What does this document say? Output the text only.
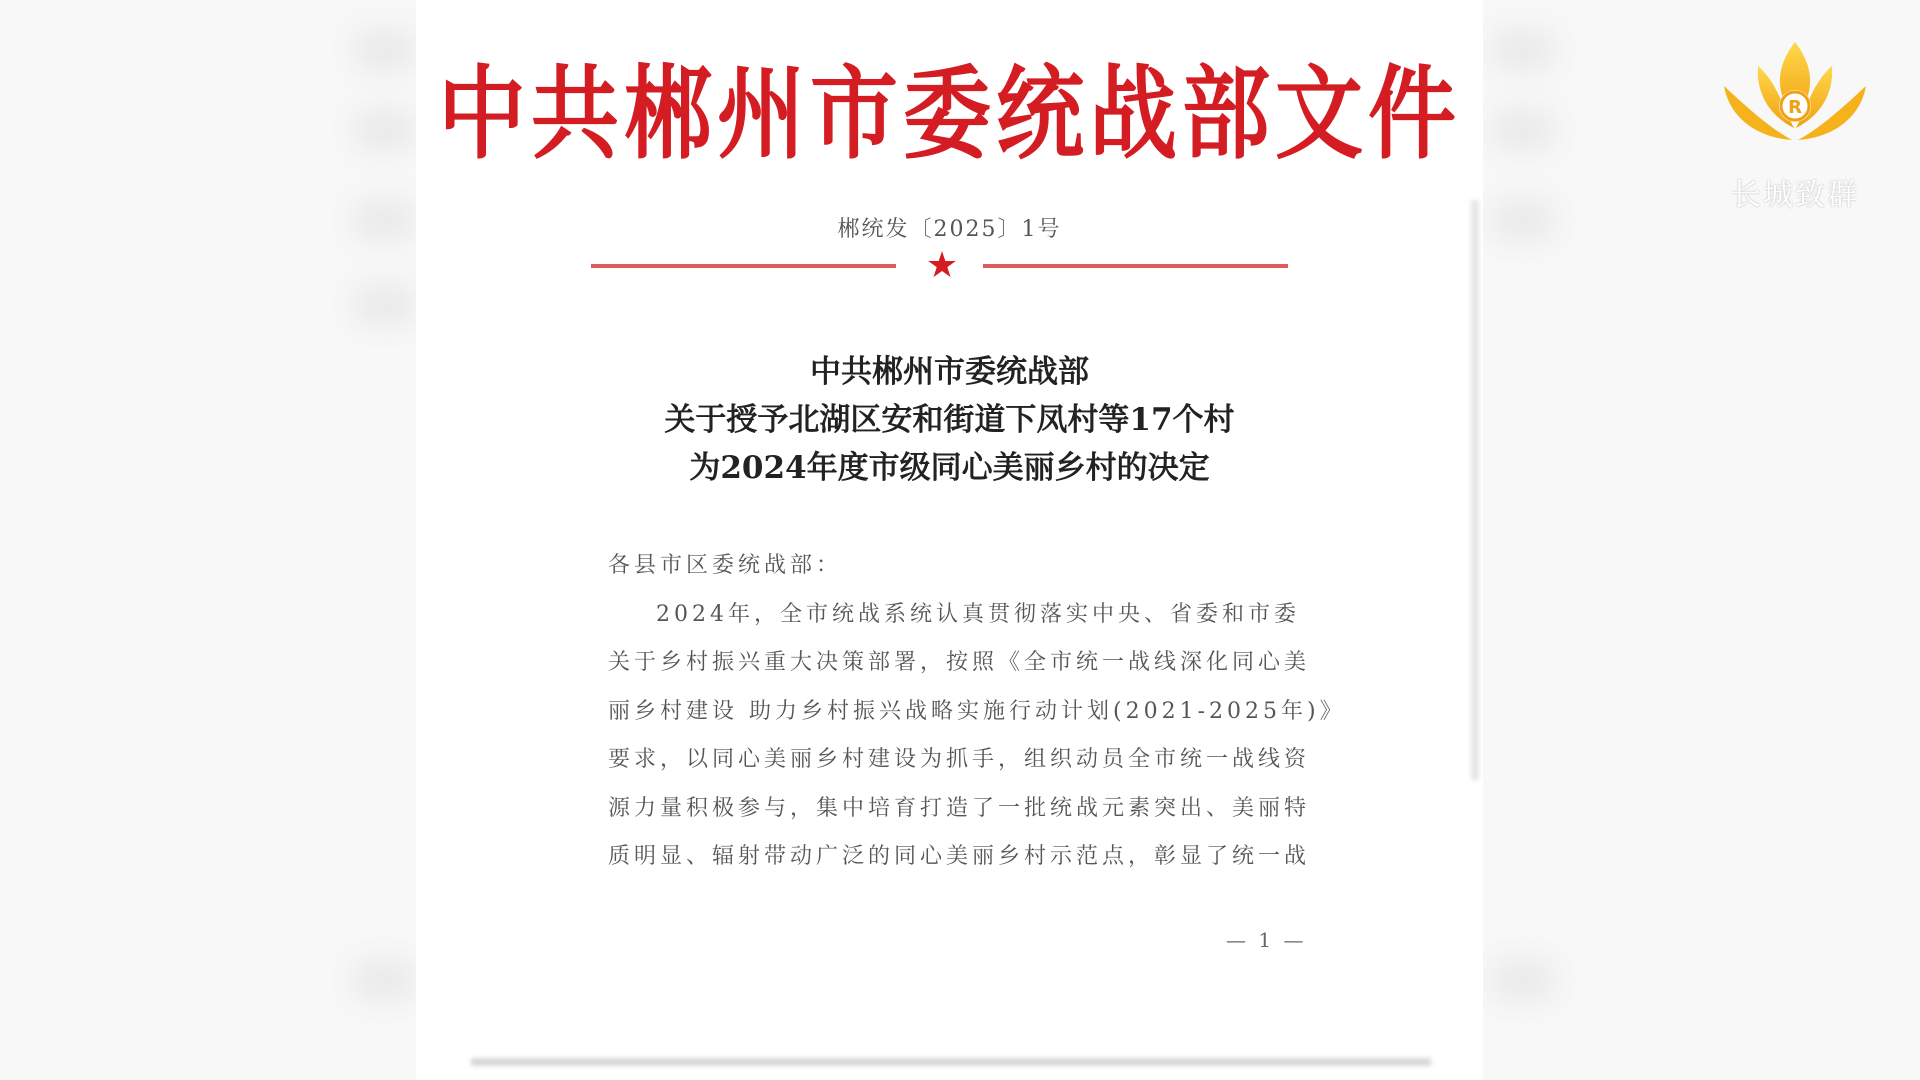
中共郴州市委统战部文件
郴统发〔2025〕1号
★
中共郴州市委统战部
关于授予北湖区安和街道下凤村等17个村
为2024年度市级同心美丽乡村的决定
各县市区委统战部：
2024年，全市统战系统认真贯彻落实中央、省委和市委
关于乡村振兴重大决策部署，按照《全市统一战线深化同心美
丽乡村建设 助力乡村振兴战略实施行动计划(2021-2025年)》
要求，以同心美丽乡村建设为抓手，组织动员全市统一战线资
源力量积极参与，集中培育打造了一批统战元素突出、美丽特
质明显、辐射带动广泛的同心美丽乡村示范点，彰显了统一战
— 1 —
R
长城致群
